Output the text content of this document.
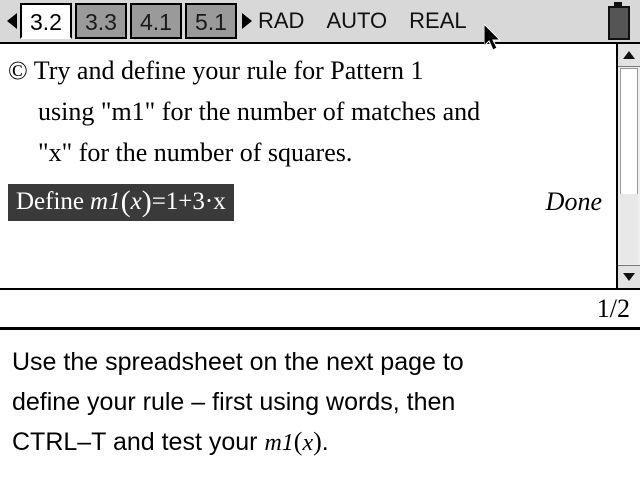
3.2	3.3	4.1	5.1	RAD AUTO REAL
© Try and define your rule for Pattern 1
using "m1" for the number of matches and
"x" for the number of squares.
Define m1 ( x ) =1+3·x	Done
1/2
Use the spreadsheet on the next page to
define your rule – first using words, then
CTRL–T and test your m1(x).
